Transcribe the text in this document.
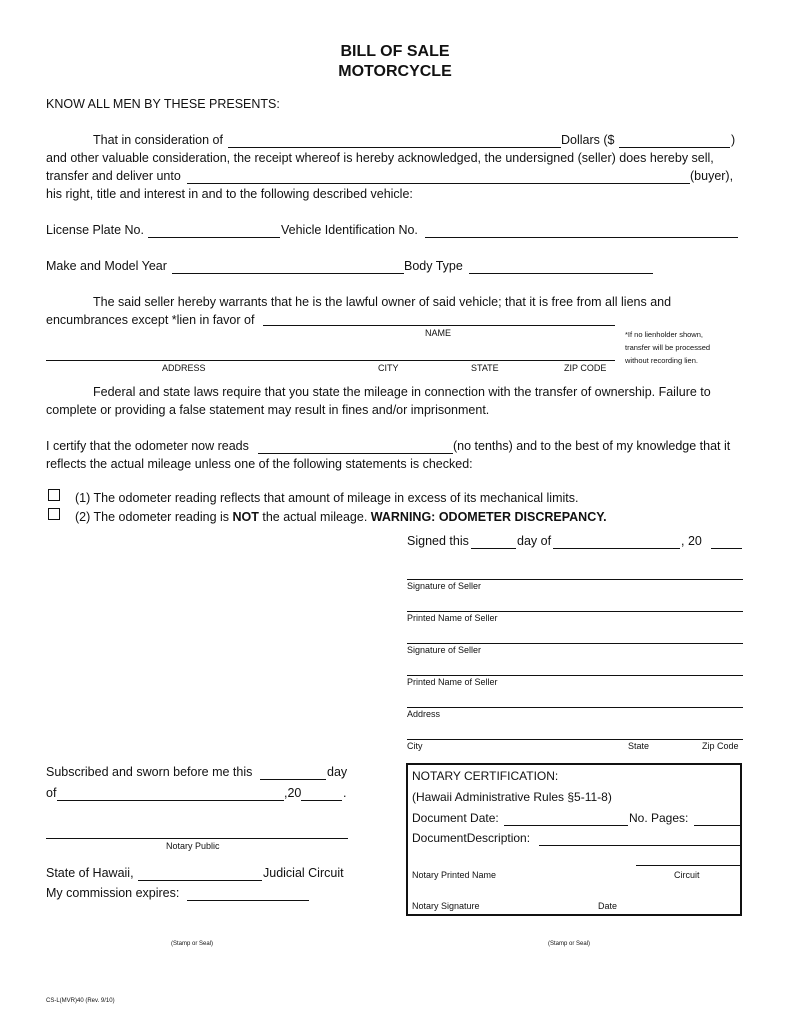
BILL OF SALE
MOTORCYCLE
KNOW ALL MEN BY THESE PRESENTS:
That in consideration of	Dollars ($	)
and other valuable consideration, the receipt whereof is hereby acknowledged, the undersigned (seller) does hereby sell,
transfer and deliver unto	(buyer),
his right, title and interest in and to the following described vehicle:
License Plate No.	Vehicle Identification No.
Make and Model Year	Body Type
The said seller hereby warrants that he is the lawful owner of said vehicle; that it is free from all liens and
encumbrances except *lien in favor of
NAME
ADDRESS	CITY	STATE	ZIP CODE
*If no lienholder shown,
transfer will be processed
without recording lien.
Federal and state laws require that you state the mileage in connection with the transfer of ownership. Failure to
complete or providing a false statement may result in fines and/or imprisonment.
I certify that the odometer now reads	(no tenths) and to the best of my knowledge that it
reflects the actual mileage unless one of the following statements is checked:
(1) The odometer reading reflects that amount of mileage in excess of its mechanical limits.
(2) The odometer reading is NOT the actual mileage. WARNING: ODOMETER DISCREPANCY.
Signed this	day of	, 20
Signature of Seller
Printed Name of Seller
Signature of Seller
Printed Name of Seller
Address
City	State	Zip Code
Subscribed and sworn before me this	day
of	,20	.
Notary Public
State of Hawaii,	Judicial Circuit
My commission expires:
(Stamp or Seal)
NOTARY CERTIFICATION:
(Hawaii Administrative Rules §5-11-8)
Document Date:	No. Pages:
DocumentDescription:
Notary Printed Name	Circuit
Notary Signature	Date
(Stamp or Seal)
CS-L(MVR)40 (Rev. 9/10)
